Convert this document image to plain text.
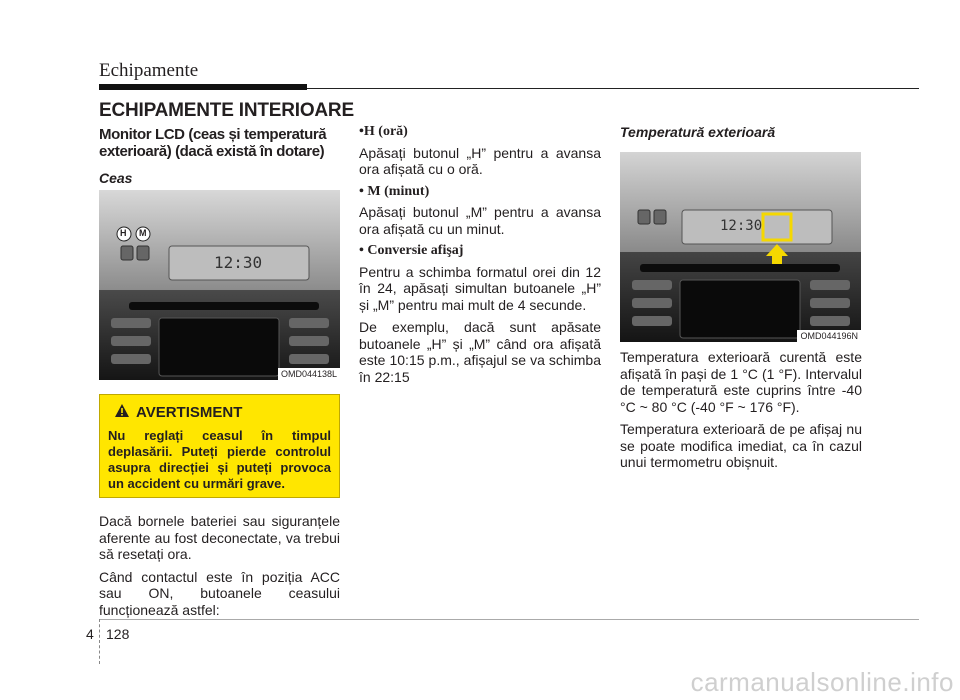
Echipamente
ECHIPAMENTE INTERIOARE
Monitor LCD (ceas și temperatură exterioară) (dacă există în dotare)
Ceas
H M
12:30
OMD044138L
AVERTISMENT
Nu reglați ceasul în timpul deplasării. Puteți pierde controlul asupra direcției și puteți provoca un accident cu urmări grave.

Dacă bornele bateriei sau siguranțele aferente au fost deconectate, va trebui să resetați ora.

Când contactul este în poziția ACC sau ON, butoanele ceasului funcționează astfel:

•H (oră)

Apăsați butonul „H” pentru a avansa ora afișată cu o oră.

• M (minut)

Apăsați butonul „M” pentru a avansa ora afișată cu un minut.

• Conversie afişaj

Pentru a schimba formatul orei din 12 în 24, apăsați simultan butoanele „H” și „M” pentru mai mult de 4 secunde.

De exemplu, dacă sunt apăsate butoanele „H” și „M” când ora afișată este 10:15 p.m., afișajul se va schimba în 22:15

Temperatură exterioară
12:30
OMD044196N

Temperatura exterioară curentă este afișată în pași de 1 °C (1 °F). Intervalul de temperatură este cuprins între -40 °C ~ 80 °C (-40 °F ~ 176 °F).

Temperatura exterioară de pe afișaj nu se poate modifica imediat, ca în cazul unui termometru obișnuit.

4 128
carmanualsonline.info
